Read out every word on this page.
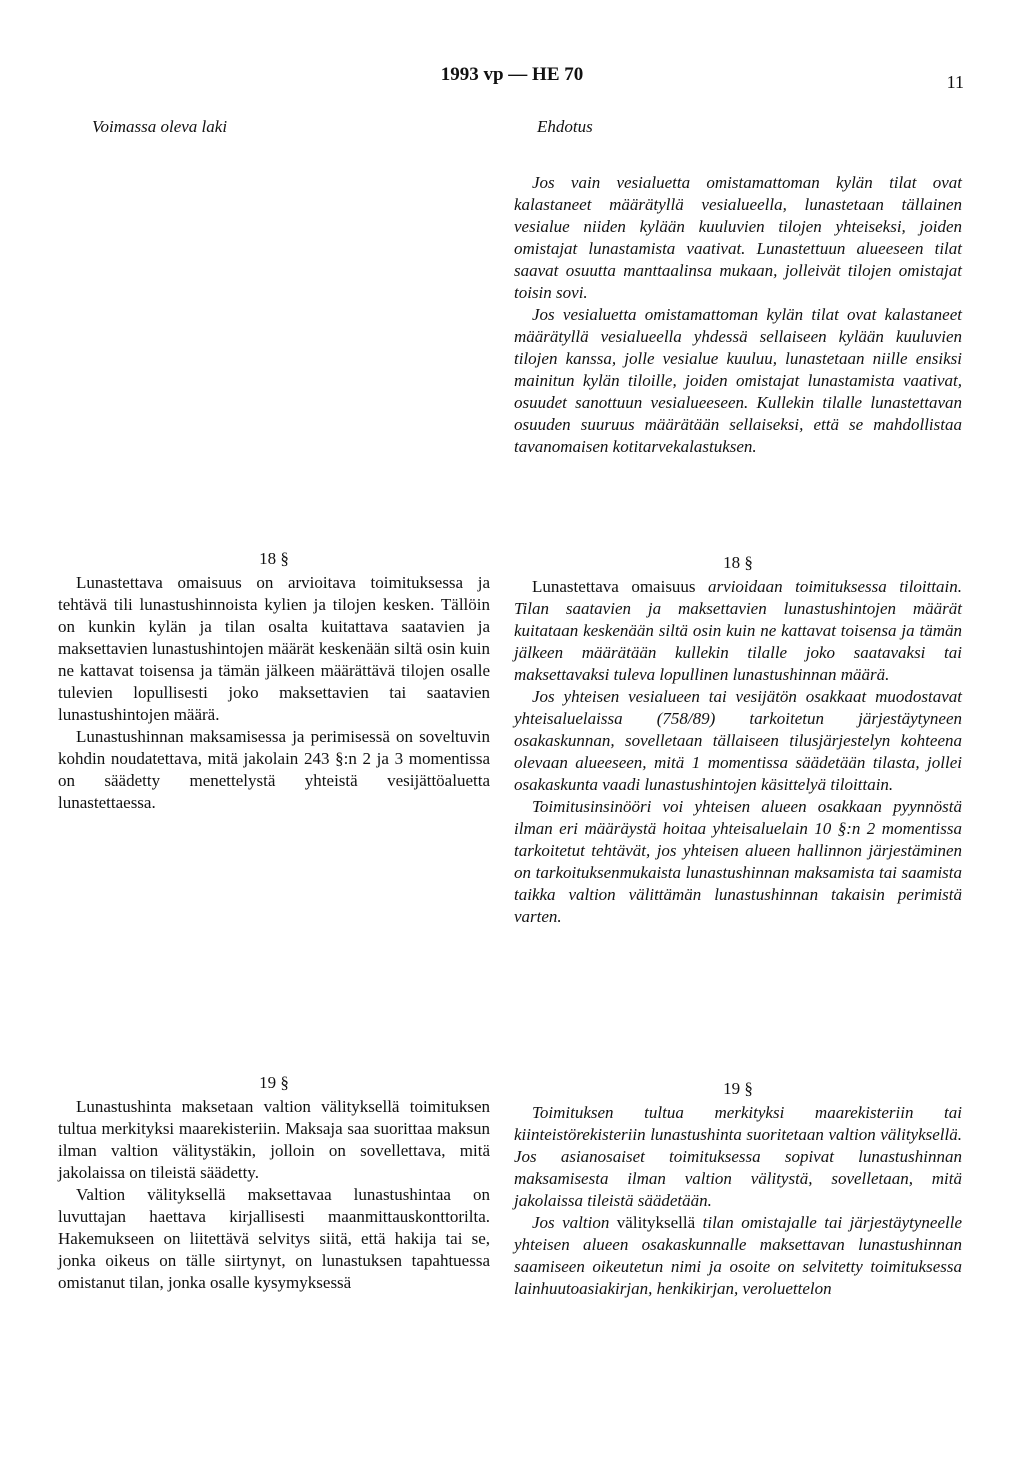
1993 vp — HE 70	11
Voimassa oleva laki	Ehdotus
18 §

Lunastettava omaisuus on arvioitava toimituksessa ja tehtävä tili lunastushinnoista kylien ja tilojen kesken. Tällöin on kunkin kylän ja tilan osalta kuitattava saatavien ja maksettavien lunastushintojen määrät keskenään siltä osin kuin ne kattavat toisensa ja tämän jälkeen määrättävä tilojen osalle tulevien lopullisesti joko maksettavien tai saatavien lunastushintojen määrä.

Lunastushinnan maksamisessa ja perimisessä on soveltuvin kohdin noudatettava, mitä jakolain 243 §:n 2 ja 3 momentissa on säädetty menettelystä yhteistä vesijättöaluetta lunastettaessa.

19 §

Lunastushinta maksetaan valtion välityksellä toimituksen tultua merkityksi maarekisteriin. Maksaja saa suorittaa maksun ilman valtion välitystäkin, jolloin on sovellettava, mitä jakolaissa on tileistä säädetty.

Valtion välityksellä maksettavaa lunastushintaa on luvuttajan haettava kirjallisesti maanmittauskonttorilta. Hakemukseen on liitettävä selvitys siitä, että hakija tai se, jonka oikeus on tälle siirtynyt, on lunastuksen tapahtuessa omistanut tilan, jonka osalle kysymyksessä

Jos vain vesialuetta omistamattoman kylän tilat ovat kalastaneet määrätyllä vesialueella, lunastetaan tällainen vesialue niiden kylään kuuluvien tilojen yhteiseksi, joiden omistajat lunastamista vaativat. Lunastettuun alueeseen tilat saavat osuutta manttaalinsa mukaan, jolleivät tilojen omistajat toisin sovi.

Jos vesialuetta omistamattoman kylän tilat ovat kalastaneet määrätyllä vesialueella yhdessä sellaiseen kylään kuuluvien tilojen kanssa, jolle vesialue kuuluu, lunastetaan niille ensiksi mainitun kylän tiloille, joiden omistajat lunastamista vaativat, osuudet sanottuun vesialueeseen. Kullekin tilalle lunastettavan osuuden suuruus määrätään sellaiseksi, että se mahdollistaa tavanomaisen kotitarvekalastuksen.

18 §

Lunastettava omaisuus arvioidaan toimituksessa tiloittain. Tilan saatavien ja maksettavien lunastushintojen määrät kuitataan keskenään siltä osin kuin ne kattavat toisensa ja tämän jälkeen määrätään kullekin tilalle joko saatavaksi tai maksettavaksi tuleva lopullinen lunastushinnan määrä.

Jos yhteisen vesialueen tai vesijätön osakkaat muodostavat yhteisaluelaissa (758/89) tarkoitetun järjestäytyneen osakaskunnan, sovelletaan tällaiseen tilusjärjestelyn kohteena olevaan alueeseen, mitä 1 momentissa säädetään tilasta, jollei osakaskunta vaadi lunastushintojen käsittelyä tiloittain.

Toimitusinsinööri voi yhteisen alueen osakkaan pyynnöstä ilman eri määräystä hoitaa yhteisaluelain 10 §:n 2 momentissa tarkoitetut tehtävät, jos yhteisen alueen hallinnon järjestäminen on tarkoituksenmukaista lunastushinnan maksamista tai saamista taikka valtion välittämän lunastushinnan takaisin perimistä varten.

19 §

Toimituksen tultua merkityksi maarekisteriin tai kiinteistörekisteriin lunastushinta suoritetaan valtion välityksellä. Jos asianosaiset toimituksessa sopivat lunastushinnan maksamisesta ilman valtion välitystä, sovelletaan, mitä jakolaissa tileistä säädetään.

Jos valtion välityksellä tilan omistajalle tai järjestäytyneelle yhteisen alueen osakaskunnalle maksettavan lunastushinnan saamiseen oikeutetun nimi ja osoite on selvitetty toimituksessa lainhuutoasiakirjan, henkikirjan, veroluettelon
